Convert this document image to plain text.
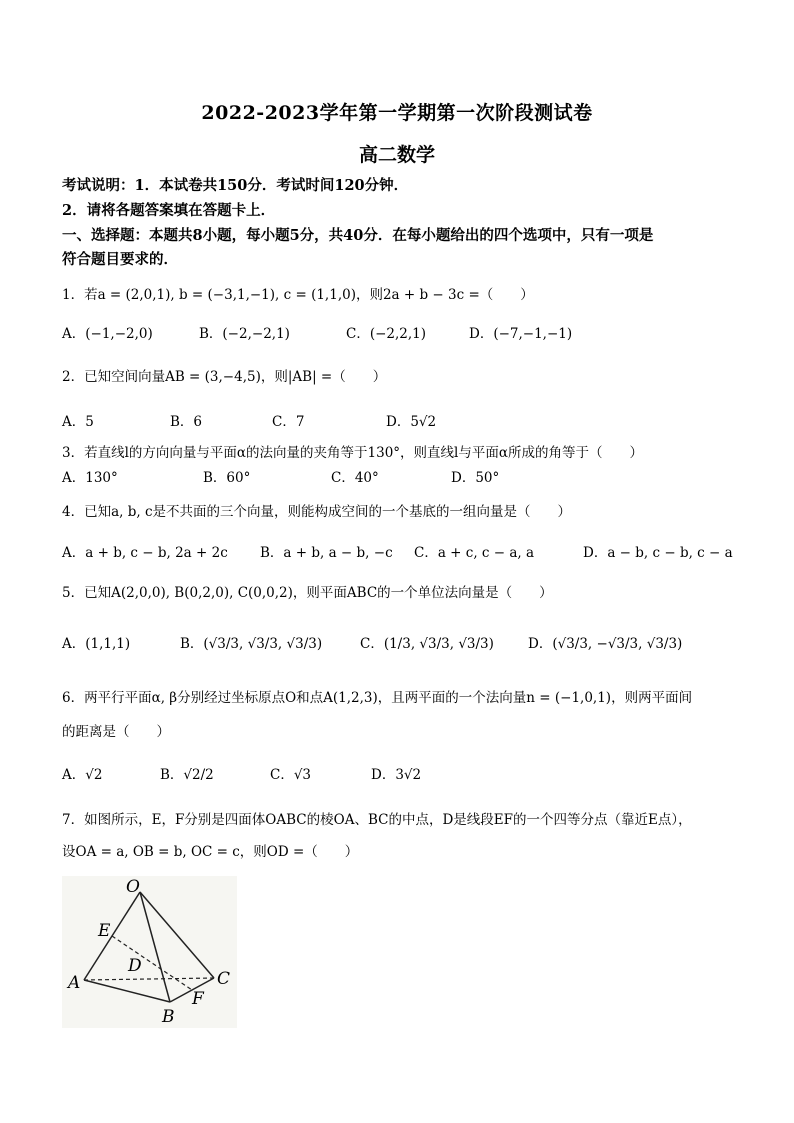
2022-2023学年第一学期第一次阶段测试卷
高二数学
考试说明：1．本试卷共150分．考试时间120分钟．
2．请将各题答案填在答题卡上．
一、选择题：本题共8小题，每小题5分，共40分．在每小题给出的四个选项中，只有一项是
符合题目要求的．
1．若a = (2,0,1), b = (−3,1,−1), c = (1,1,0)，则2a + b − 3c =（　　）
A．(−1,−2,0)	B．(−2,−2,1)	C．(−2,2,1)	D．(−7,−1,−1)
2．已知空间向量AB = (3,−4,5)，则|AB| =（　　）
A．5	B．6	C．7	D．5√2
3．若直线l的方向向量与平面α的法向量的夹角等于130°，则直线l与平面α所成的角等于（　　）
A．130°	B．60°	C．40°	D．50°
4．已知a, b, c是不共面的三个向量，则能构成空间的一个基底的一组向量是（　　）
A．a + b, c − b, 2a + 2c B．a + b, a − b, −c C．a + c, c − a, a	D．a − b, c − b, c − a
5．已知A(2,0,0), B(0,2,0), C(0,0,2)，则平面ABC的一个单位法向量是（　　）
A．(1,1,1)	B．(√3/3, √3/3, √3/3)	C．(1/3, √3/3, √3/3)	D．(√3/3, −√3/3, √3/3)
6．两平行平面α, β分别经过坐标原点O和点A(1,2,3)，且两平面的一个法向量n = (−1,0,1)，则两平面间
的距离是（　　）
A．√2	B．√2/2	C．√3	D．3√2
7．如图所示，E，F分别是四面体OABC的棱OA、BC的中点，D是线段EF的一个四等分点（靠近E点），
设OA = a, OB = b, OC = c，则OD =（　　）
O
E
D
A	C
F
B
